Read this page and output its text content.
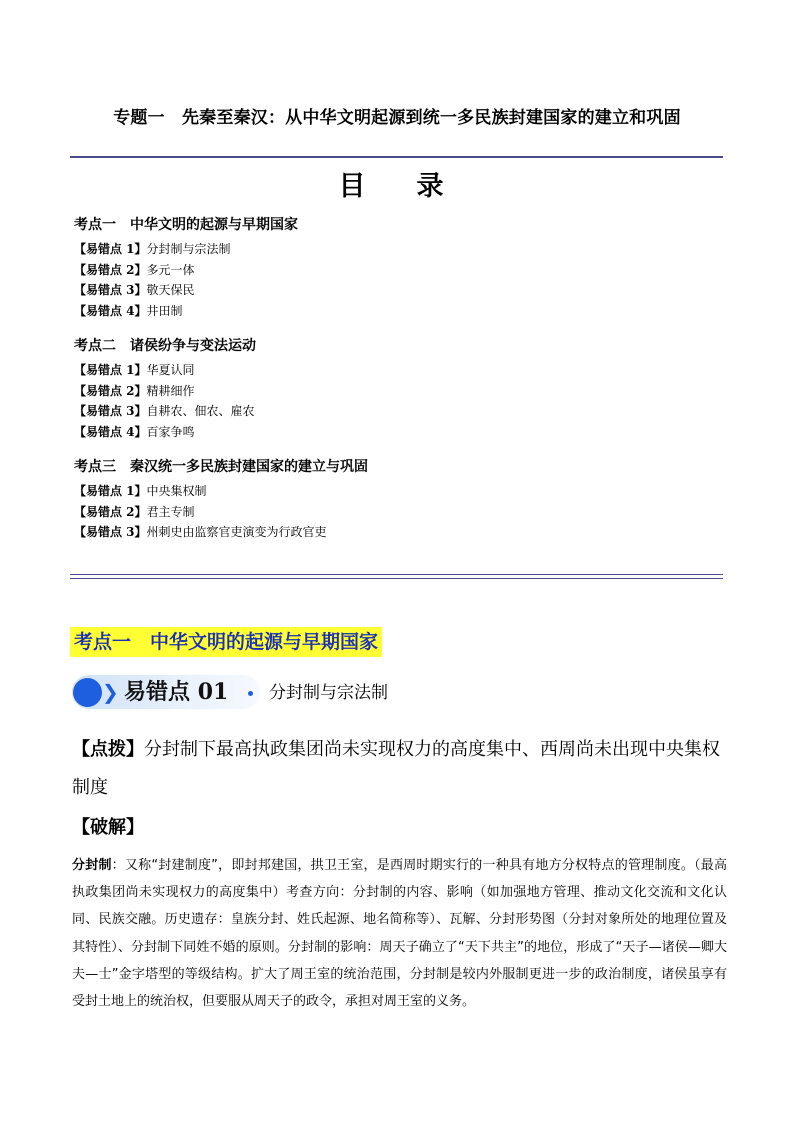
专题一　先秦至秦汉：从中华文明起源到统一多民族封建国家的建立和巩固
目　录
考点一　中华文明的起源与早期国家
【易错点 1】分封制与宗法制
【易错点 2】多元一体
【易错点 3】敬天保民
【易错点 4】井田制
考点二　诸侯纷争与变法运动
【易错点 1】华夏认同
【易错点 2】精耕细作
【易错点 3】自耕农、佃农、雇农
【易错点 4】百家争鸣
考点三　秦汉统一多民族封建国家的建立与巩固
【易错点 1】中央集权制
【易错点 2】君主专制
【易错点 3】州刺史由监察官吏演变为行政官吏
考点一　中华文明的起源与早期国家
❯ 易错点 01 分封制与宗法制
【点拨】分封制下最高执政集团尚未实现权力的高度集中、西周尚未出现中央集权制度
【破解】
分封制：又称“封建制度”，即封邦建国，拱卫王室，是西周时期实行的一种具有地方分权特点的管理制度。（最高执政集团尚未实现权力的高度集中）考查方向：分封制的内容、影响（如加强地方管理、推动文化交流和文化认同、民族交融。历史遗存：皇族分封、姓氏起源、地名简称等）、瓦解、分封形势图（分封对象所处的地理位置及其特性）、分封制下同姓不婚的原则。分封制的影响：周天子确立了“天下共主”的地位，形成了“天子—诸侯—卿大夫—士”金字塔型的等级结构。扩大了周王室的统治范围，分封制是较内外服制更进一步的政治制度，诸侯虽享有受封土地上的统治权，但要服从周天子的政令，承担对周王室的义务。
